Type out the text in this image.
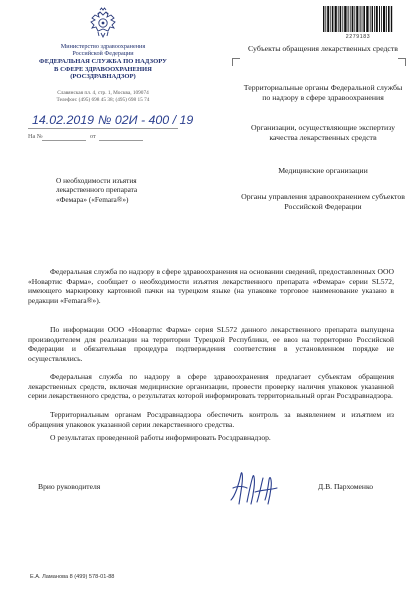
Министерство здравоохранения
Российской Федерации
ФЕДЕРАЛЬНАЯ СЛУЖБА ПО НАДЗОРУ
В СФЕРЕ ЗДРАВООХРАНЕНИЯ
(РОСЗДРАВНАДЗОР)
Славянская пл. 4, стр. 1, Москва, 109074
Телефон: (495) 698 45 38; (495) 698 15 74
14.02.2019 № 02И - 400 / 19
На №	от
О необходимости изъятия
лекарственного препарата
«Фемара» («Femara®»)
2279183
Субъекты обращения лекарственных средств
Территориальные органы Федеральной службы по надзору в сфере здравоохранения
Организации, осуществляющие экспертизу качества лекарственных средств
Медицинские организации
Органы управления здравоохранением субъектов Российской Федерации

Федеральная служба по надзору в сфере здравоохранения на основании сведений, предоставленных ООО «Новартис Фарма», сообщает о необходимости изъятия лекарственного препарата «Фемара» серии SL572, имеющего маркировку картонной пачки на турецком языке (на упаковке торговое наименование указано в редакции «Femara®»).

По информации ООО «Новартис Фарма» серия SL572 данного лекарственного препарата выпущена производителем для реализации на территории Турецкой Республики, ее ввоз на территорию Российской Федерации и обязательная процедура подтверждения соответствия в установленном порядке не осуществлялись.

Федеральная служба по надзору в сфере здравоохранения предлагает субъектам обращения лекарственных средств, включая медицинские организации, провести проверку наличия упаковок указанной серии лекарственного средства, о результатах которой информировать территориальный орган Росздравнадзора.

Территориальным органам Росздравнадзора обеспечить контроль за выявлением и изъятием из обращения упаковок указанной серии лекарственного средства.

О результатах проведенной работы информировать Росздравнадзор.

Врио руководителя	Д.В. Пархоменко
Е.А. Ламанова 8 (499) 578-01-88
